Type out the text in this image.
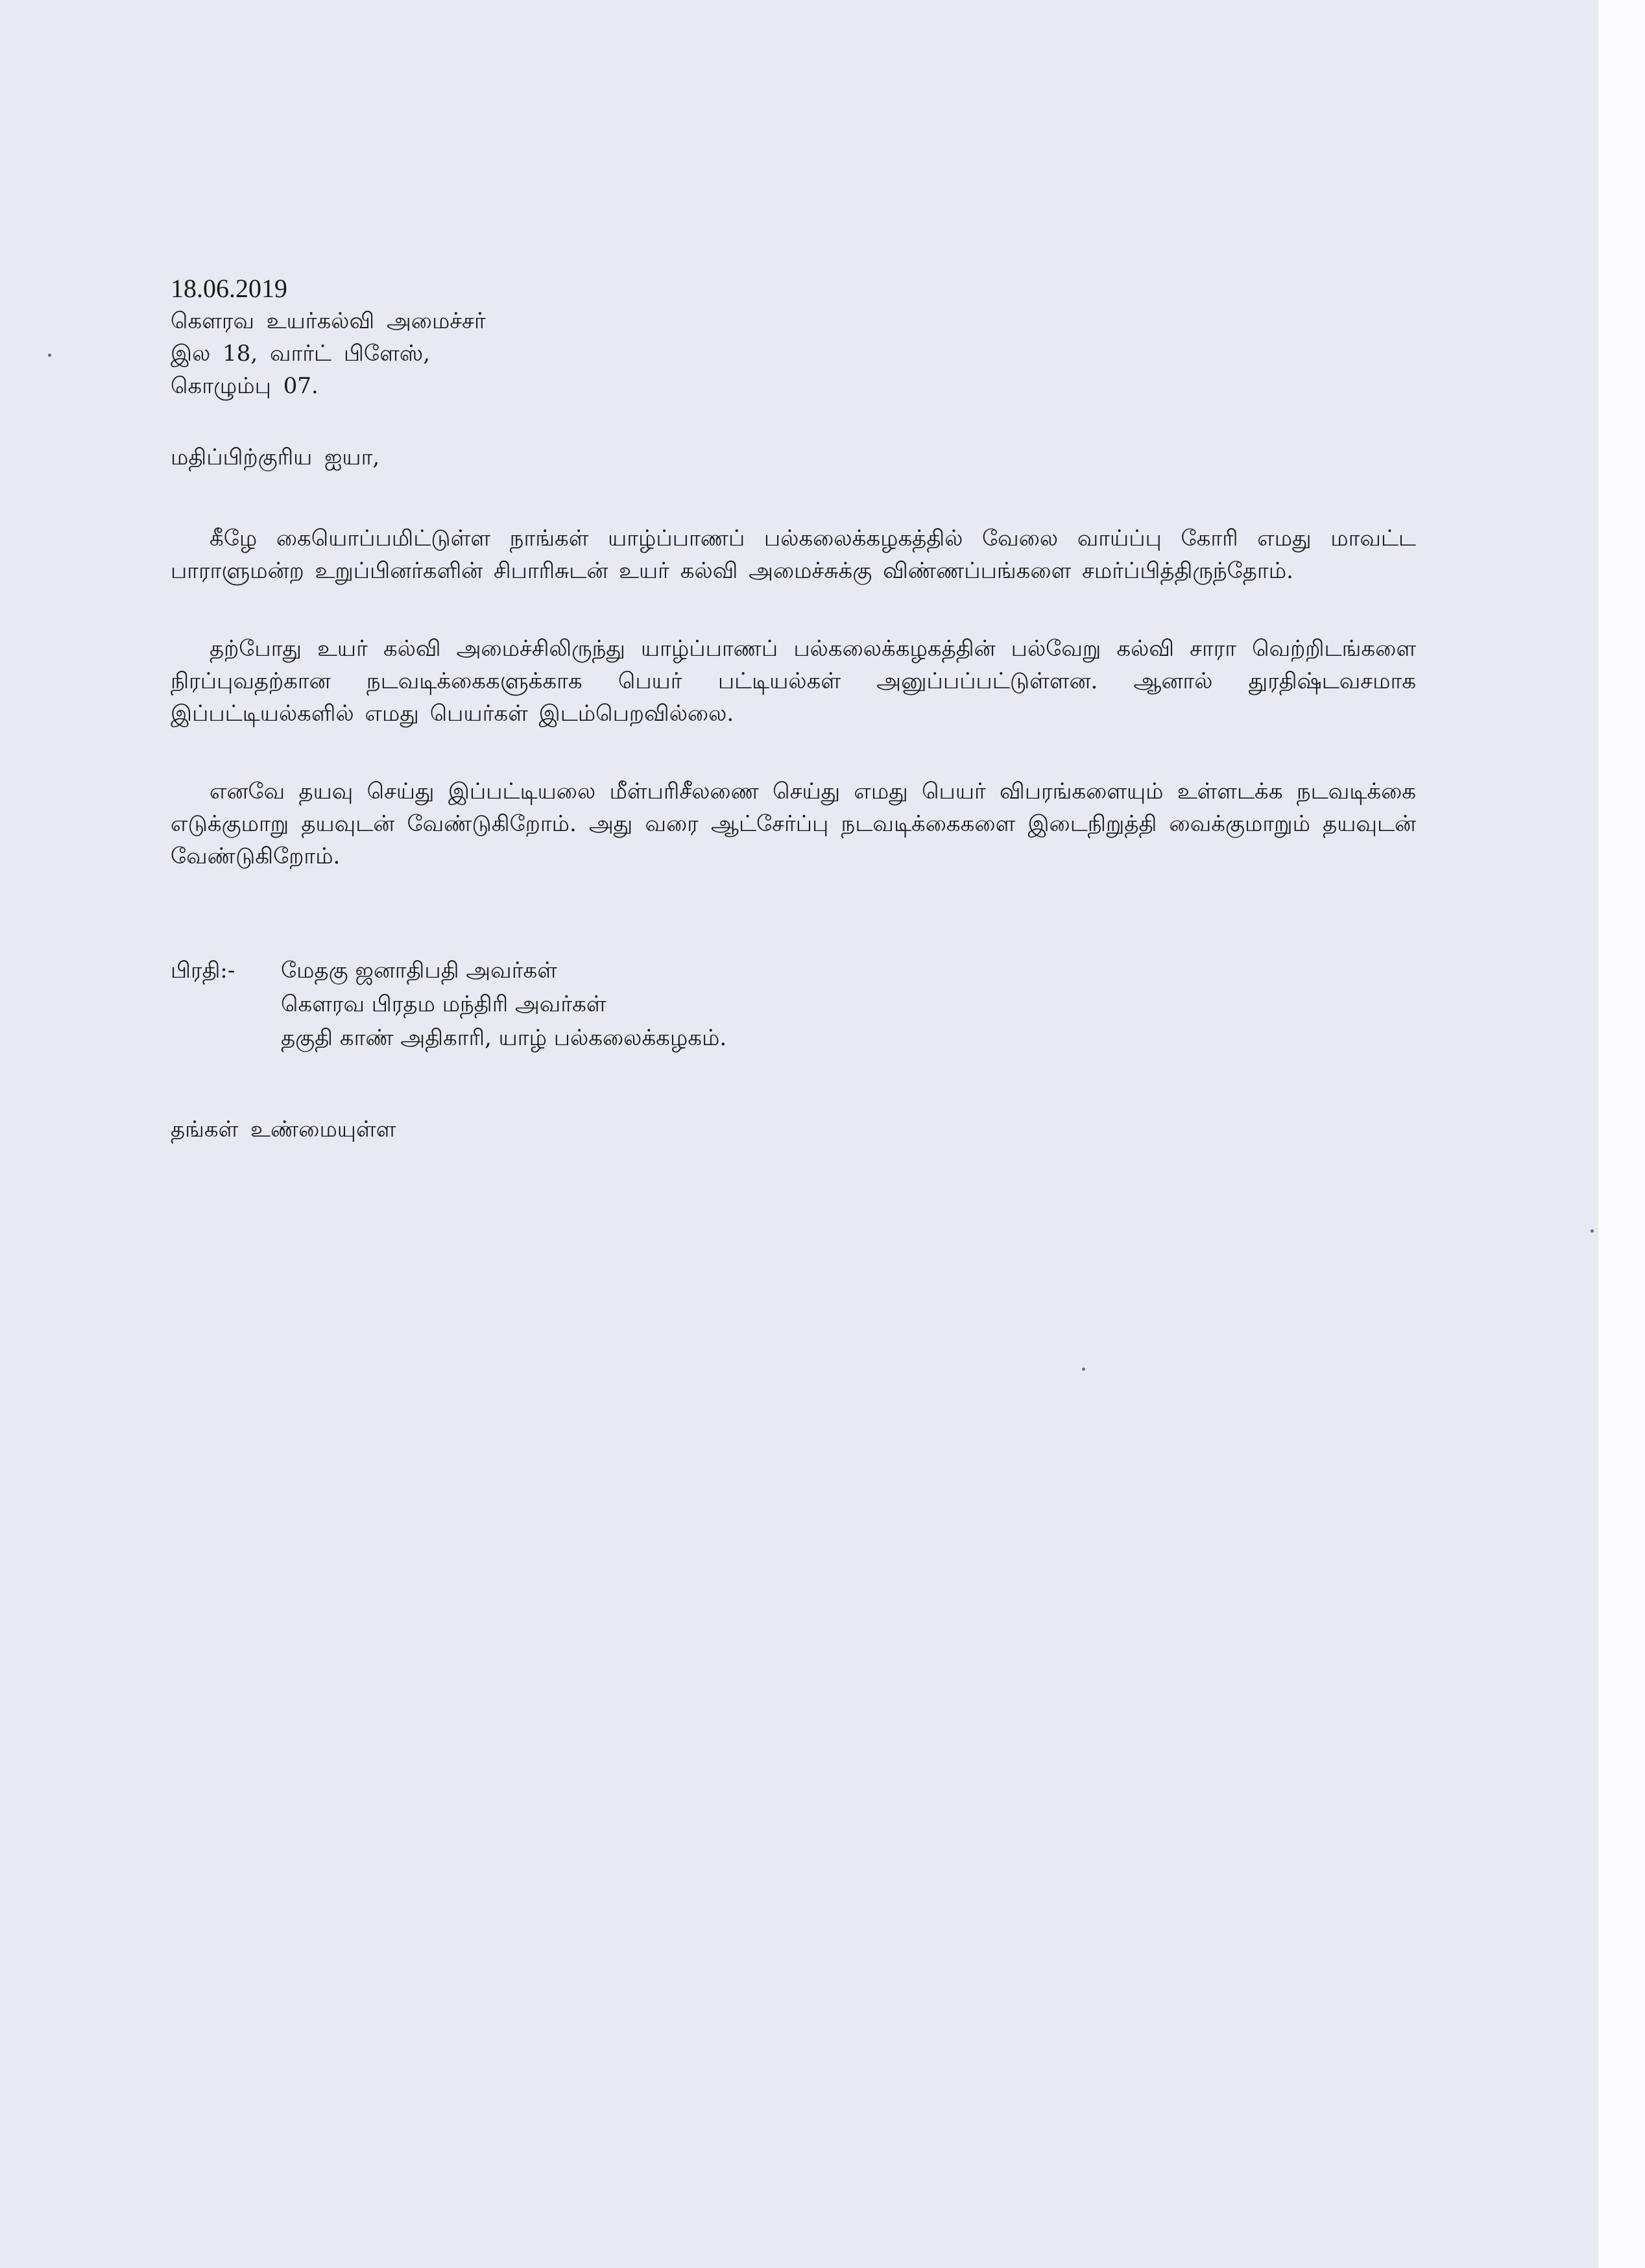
18.06.2019
கௌரவ உயர்கல்வி அமைச்சர்
இல 18, வார்ட் பிளேஸ்,
கொழும்பு 07.
மதிப்பிற்குரிய ஐயா,
கீழே கையொப்பமிட்டுள்ள நாங்கள் யாழ்ப்பாணப் பல்கலைக்கழகத்தில் வேலை வாய்ப்பு கோரி எமது மாவட்ட பாராளுமன்ற உறுப்பினர்களின் சிபாரிசுடன் உயர் கல்வி அமைச்சுக்கு விண்ணப்பங்களை சமர்ப்பித்திருந்தோம்.
தற்போது உயர் கல்வி அமைச்சிலிருந்து யாழ்ப்பாணப் பல்கலைக்கழகத்தின் பல்வேறு கல்வி சாரா வெற்றிடங்களை நிரப்புவதற்கான நடவடிக்கைகளுக்காக பெயர் பட்டியல்கள் அனுப்பப்பட்டுள்ளன. ஆனால் துரதிஷ்டவசமாக இப்பட்டியல்களில் எமது பெயர்கள் இடம்பெறவில்லை.
எனவே தயவு செய்து இப்பட்டியலை மீள்பரிசீலணை செய்து எமது பெயர் விபரங்களையும் உள்ளடக்க நடவடிக்கை எடுக்குமாறு தயவுடன் வேண்டுகிறோம். அது வரை ஆட்சேர்ப்பு நடவடிக்கைகளை இடைநிறுத்தி வைக்குமாறும் தயவுடன் வேண்டுகிறோம்.
பிரதி:-	மேதகு ஜனாதிபதி அவர்கள்
கௌரவ பிரதம மந்திரி அவர்கள்
தகுதி காண் அதிகாரி, யாழ் பல்கலைக்கழகம்.
தங்கள் உண்மையுள்ள
